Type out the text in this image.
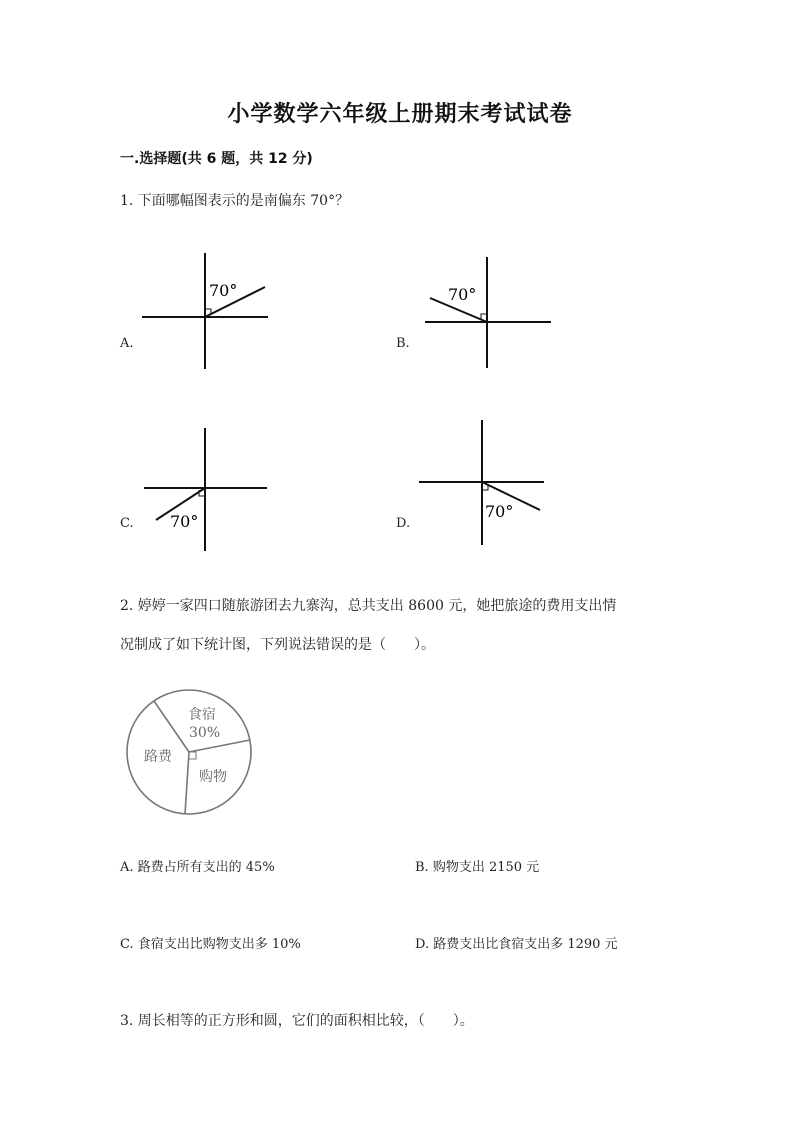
小学数学六年级上册期末考试试卷
一.选择题(共 6 题，共 12 分)
1. 下面哪幅图表示的是南偏东 70°？
70°
A.
70°
B.
70°
C.
70°
D.
2. 婷婷一家四口随旅游团去九寨沟，总共支出 8600 元，她把旅途的费用支出情
况制成了如下统计图，下列说法错误的是（　　）。
食宿
30%
路费
购物
A. 路费占所有支出的 45%	B. 购物支出 2150 元
C. 食宿支出比购物支出多 10%	D. 路费支出比食宿支出多 1290 元
3. 周长相等的正方形和圆，它们的面积相比较，（　　）。
